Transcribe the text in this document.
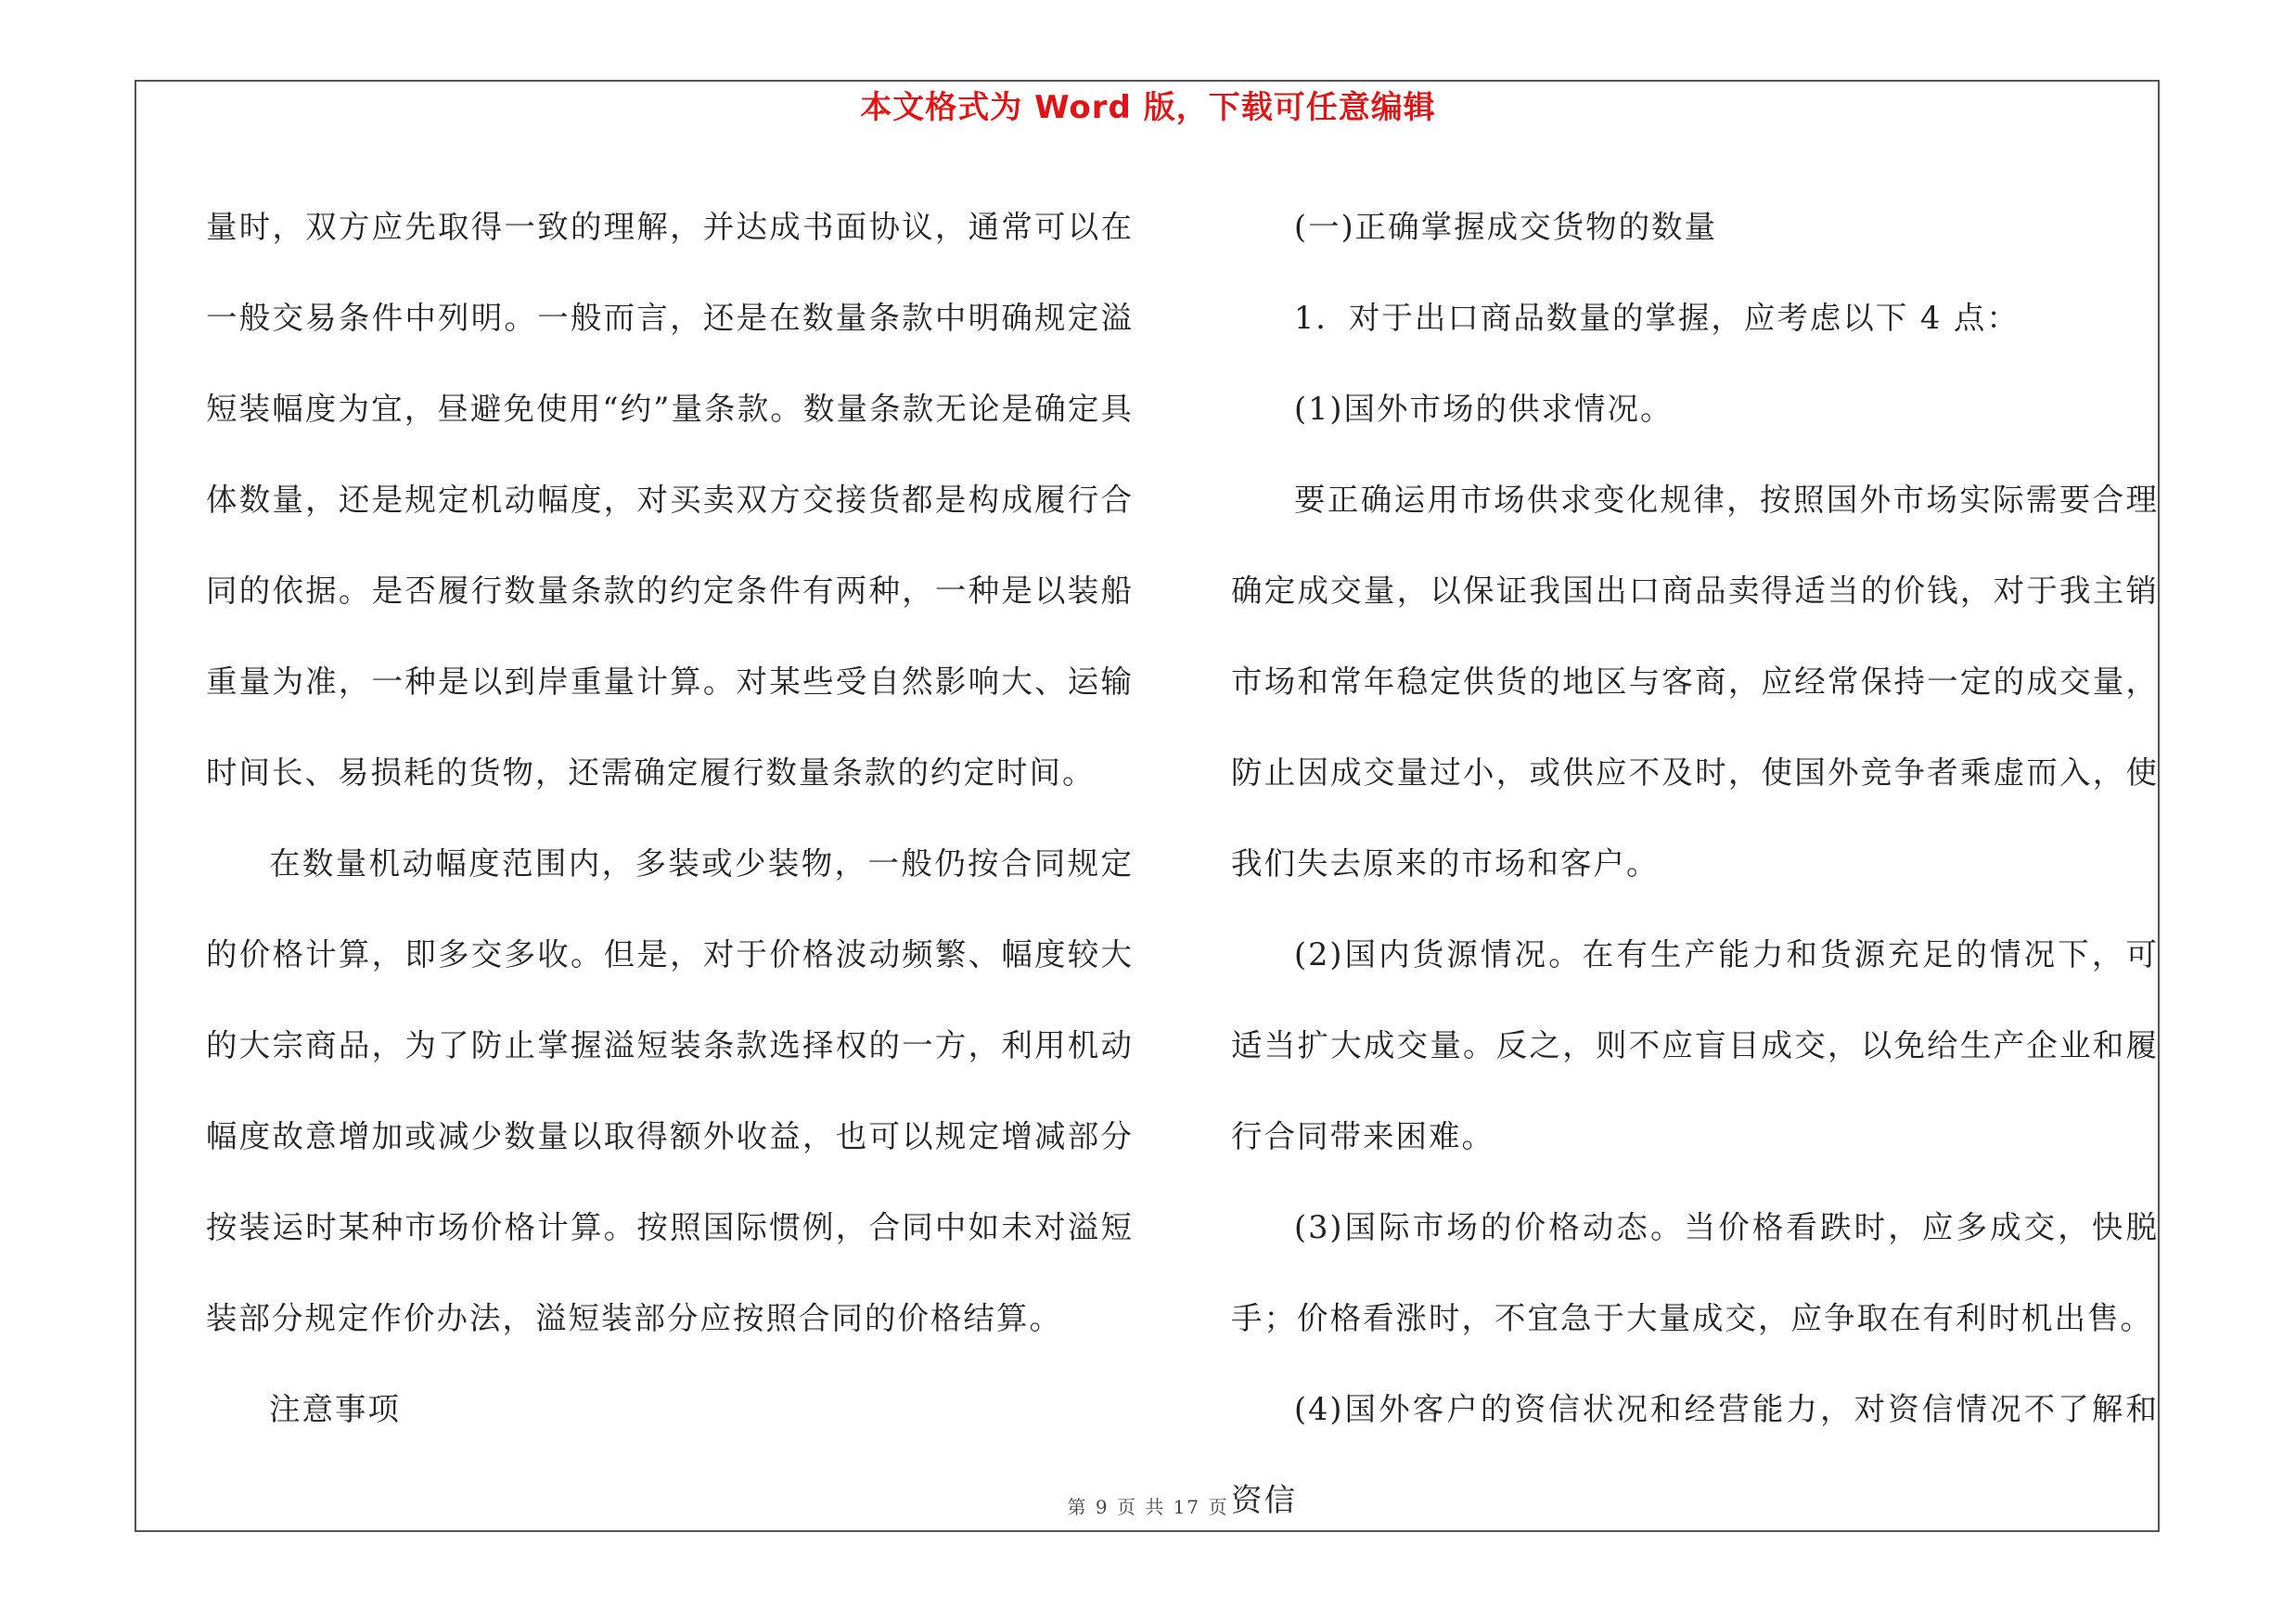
本文格式为 Word 版，下载可任意编辑

量时，双方应先取得一致的理解，并达成书面协议，通常可以在一般交易条件中列明。一般而言，还是在数量条款中明确规定溢短装幅度为宜，昼避免使用“约”量条款。数量条款无论是确定具体数量，还是规定机动幅度，对买卖双方交接货都是构成履行合同的依据。是否履行数量条款的约定条件有两种，一种是以装船重量为准，一种是以到岸重量计算。对某些受自然影响大、运输时间长、易损耗的货物，还需确定履行数量条款的约定时间。

在数量机动幅度范围内，多装或少装物，一般仍按合同规定的价格计算，即多交多收。但是，对于价格波动频繁、幅度较大的大宗商品，为了防止掌握溢短装条款选择权的一方，利用机动幅度故意增加或减少数量以取得额外收益，也可以规定增减部分按装运时某种市场价格计算。按照国际惯例，合同中如未对溢短装部分规定作价办法，溢短装部分应按照合同的价格结算。

注意事项

(一)正确掌握成交货物的数量

1．对于出口商品数量的掌握，应考虑以下 4 点：

(1)国外市场的供求情况。

要正确运用市场供求变化规律，按照国外市场实际需要合理确定成交量，以保证我国出口商品卖得适当的价钱，对于我主销市场和常年稳定供货的地区与客商，应经常保持一定的成交量，防止因成交量过小，或供应不及时，使国外竞争者乘虚而入，使我们失去原来的市场和客户。

(2)国内货源情况。在有生产能力和货源充足的情况下，可适当扩大成交量。反之，则不应盲目成交，以免给生产企业和履行合同带来困难。

(3)国际市场的价格动态。当价格看跌时，应多成交，快脱手；价格看涨时，不宜急于大量成交，应争取在有利时机出售。

(4)国外客户的资信状况和经营能力，对资信情况不了解和资信

第 9 页 共 17 页
